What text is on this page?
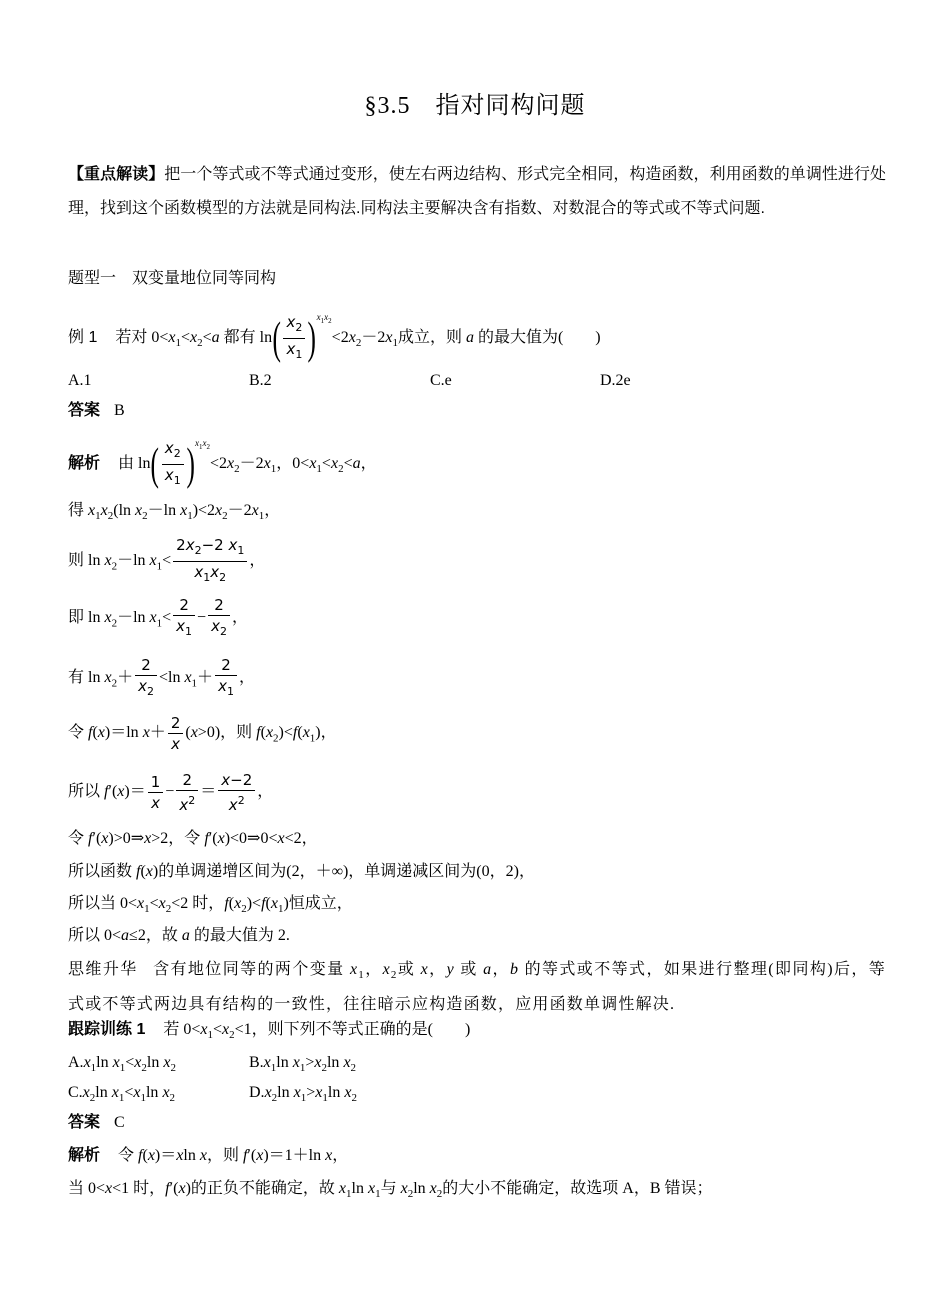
§3.5　指对同构问题
【重点解读】把一个等式或不等式通过变形，使左右两边结构、形式完全相同，构造函数，利用函数的单调性进行处理，找到这个函数模型的方法就是同构法.同构法主要解决含有指数、对数混合的等式或不等式问题.
题型一　双变量地位同等同构
例 1 若对 $0<x_1<x_2<a$ 都有 $\ln( \frac{x_2}{x_1} )^{x_1x_2}<2x_2-2x_1$成立，则 a 的最大值为(　　)
A.1	B.2	C.e	D.2e
答案 B
解析 由 $\ln( \frac{x_2}{x_1} )^{x_1x_2}<2x_2-2x_1$，$0<x_1<x_2<a$，
得 $x_1x_2(\ln$ $x_2-\ln$ $x_1)<2x_2-2x_1$，
则 $\ln x_2-\ln$ $x_1< \frac{2x_2-2 x_1}{x_1x_2}$ ，
即 $\ln x_2-\ln$ $x_1< \frac{2}{x_1} - \frac{2}{x_2}$ ，
有 $\ln x_2+ \frac{2}{x_2} <\ln$ $x_1+ \frac{2}{x_1}$ ，
令 f(x)＝ln $x+ \frac{2}{x} (x>0)$，则 $f(x_2)<f(x_1)$，
所以 $f'(x)= \frac{1}{x} - \frac{2}{x^2} = \frac{x-2}{x^2}$ ，
令 f′(x)>0⇒x>2，令 f′(x)<0⇒0<x<2，
所以函数 f(x)的单调递增区间为(2，＋∞)，单调递减区间为(0，2)，
所以当 $0<x_1<x_2<2$ 时，$f(x_2)<f(x_1)$恒成立，
所以 0<a≤2，故 a 的最大值为 2.
思维升华 含有地位同等的两个变量 $x_1$，$x_2$或 x，y 或 a，b 的等式或不等式，如果进行整理(即同构)后，等式或不等式两边具有结构的一致性，往往暗示应构造函数，应用函数单调性解决.
跟踪训练 1 若 $0<x_1<x_2<1$，则下列不等式正确的是(　　)
$A.x_1\ln$ $x_1<x_2\ln$ $x_2$	$B.x_1\ln$ $x_1>x_2\ln$ $x_2$
$C.x_2\ln$ $x_1<x_1\ln$ $x_2$	$D.x_2\ln$ $x_1>x_1\ln$ $x_2$
答案 C
解析 令 f(x)＝xln x，则 f′(x)＝1＋ln x，
当 0<x<1 时，f′(x)的正负不能确定，故 $x_1\ln$ $x_1$与 $x_2\ln$ $x_2$的大小不能确定，故选项 A，B 错误；
